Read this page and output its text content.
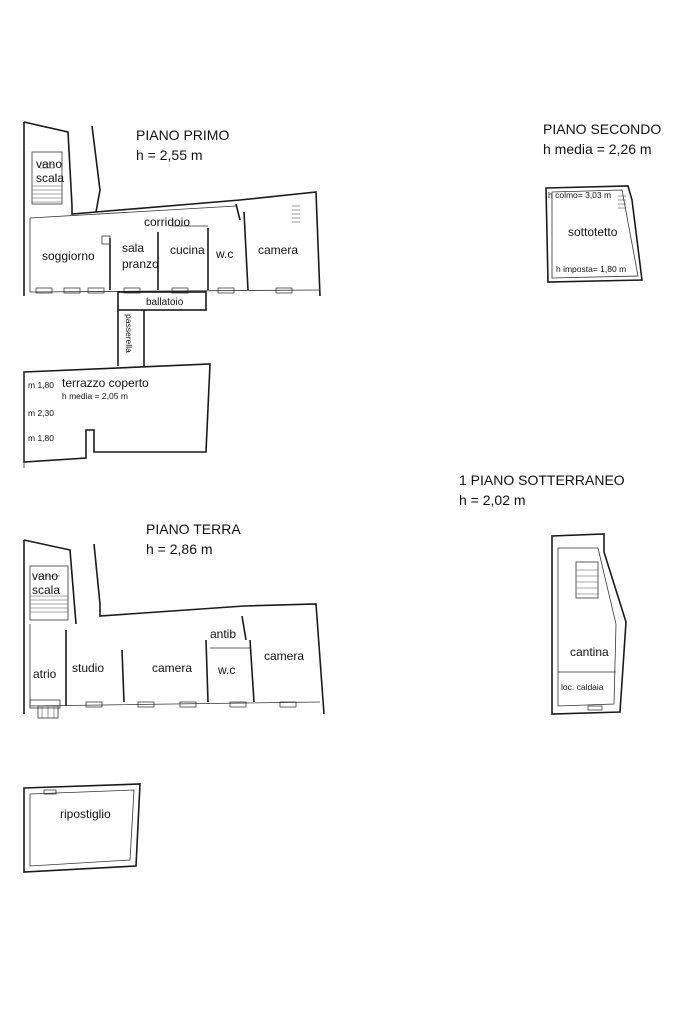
PIANO PRIMO
h = 2,55 m
vano
scala
corridoio
soggiorno
sala
pranzo
cucina w.c camera
ballatoio
passerella
terrazzo coperto
h media = 2,05 m
m 1,80
m 2,30
m 1,80
PIANO SECONDO
h media = 2,26 m
h colmo= 3,03 m
sottotetto
h imposta= 1,80 m
1 PIANO SOTTERRANEO
h = 2,02 m
cantina
loc. caldaia
PIANO TERRA
h = 2,86 m
vano
scala
antib
atrio studio	camera w.c
camera
ripostiglio
